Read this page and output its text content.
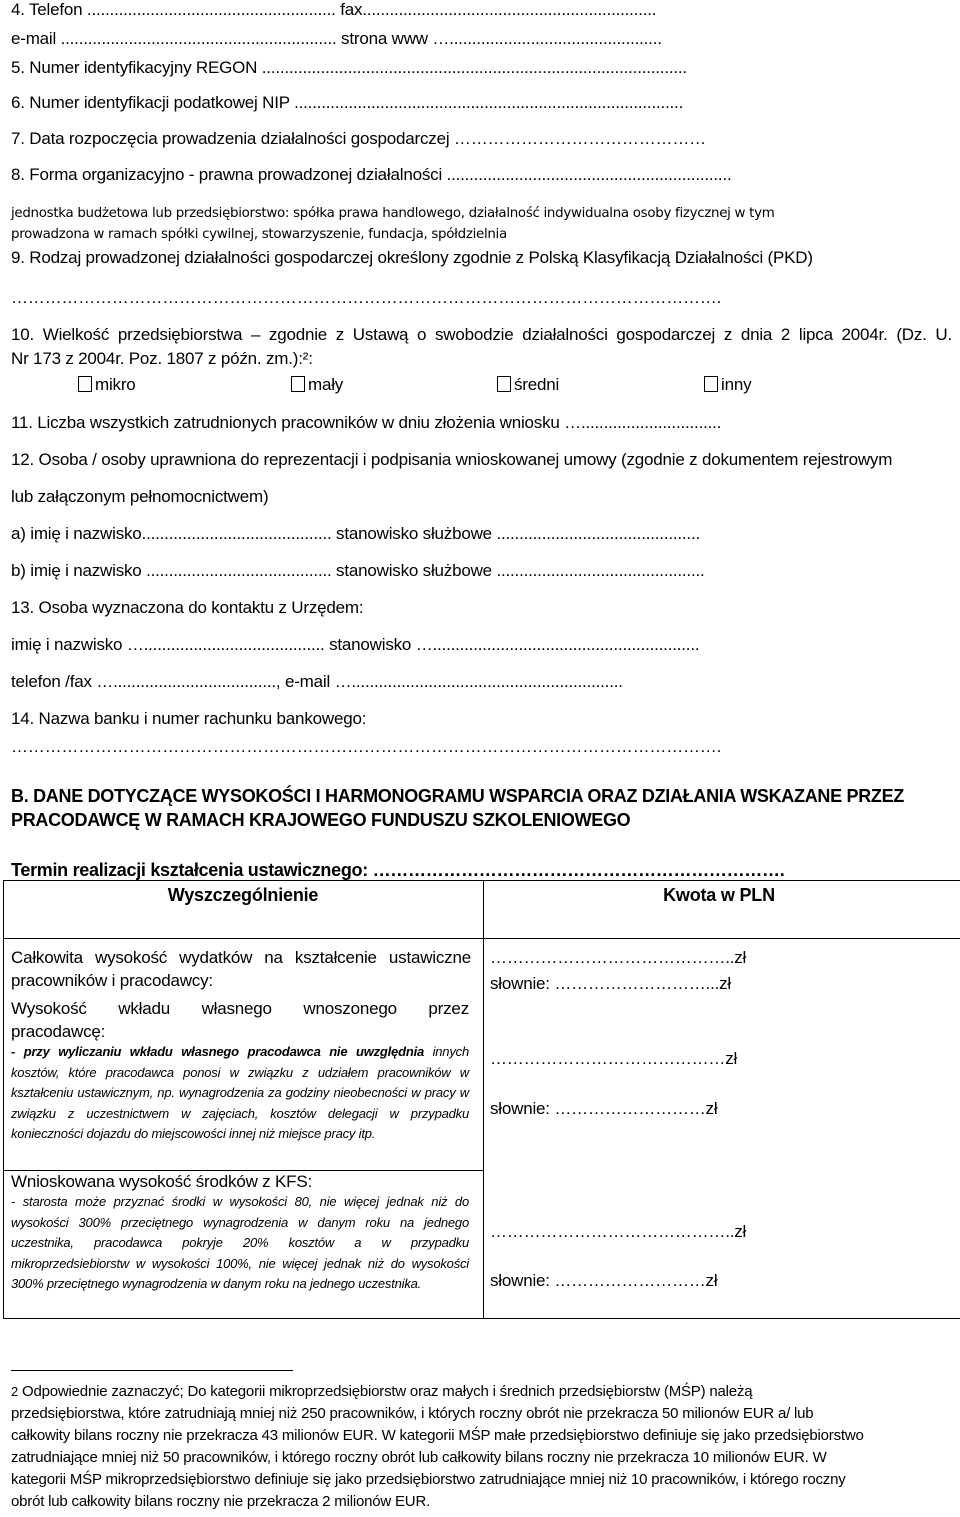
4. Telefon ....................................................... fax.................................................................
e-mail ............................................................. strona www …...............................................
5. Numer identyfikacyjny REGON ..............................................................................................
6. Numer identyfikacji podatkowej NIP ......................................................................................
7. Data rozpoczęcia prowadzenia działalności gospodarczej ………………………………………
8. Forma organizacyjno - prawna prowadzonej działalności ...............................................................
jednostka budżetowa lub przedsiębiorstwo: spółka prawa handlowego, działalność indywidualna osoby fizycznej w tym
prowadzona w ramach spółki cywilnej, stowarzyszenie, fundacja, spółdzielnia
9. Rodzaj prowadzonej działalności gospodarczej określony zgodnie z Polską Klasyfikacją Działalności (PKD)
……………………………………………………………………………………………………………….
10. Wielkość przedsiębiorstwa – zgodnie z Ustawą o swobodzie działalności gospodarczej z dnia 2 lipca 2004r. (Dz. U.
Nr 173 z 2004r. Poz. 1807 z późn. zm.):²:
mikro	mały	średni	inny
11. Liczba wszystkich zatrudnionych pracowników w dniu złożenia wniosku …...............................
12. Osoba / osoby uprawniona do reprezentacji i podpisania wnioskowanej umowy (zgodnie z dokumentem rejestrowym
lub załączonym pełnomocnictwem)
a) imię i nazwisko.......................................... stanowisko służbowe .............................................
b) imię i nazwisko ......................................... stanowisko służbowe ..............................................
13. Osoba wyznaczona do kontaktu z Urzędem:
imię i nazwisko …........................................ stanowisko …...........................................................
telefon /fax …...................................., e-mail …............................................................
14. Nazwa banku i numer rachunku bankowego:
……………………………………………………………………………………………………………….
B. DANE DOTYCZĄCE WYSOKOŚCI I HARMONOGRAMU WSPARCIA ORAZ DZIAŁANIA WSKAZANE PRZEZ
PRACODAWCĘ W RAMACH KRAJOWEGO FUNDUSZU SZKOLENIOWEGO
Termin realizacji kształcenia ustawicznego: …………………………………………………………….
Wyszczególnienie	Kwota w PLN
Całkowita wysokość wydatków na kształcenie ustawiczne
pracowników i pracodawcy:
……………………………………..zł
słownie: ………………………...zł
Wysokość wkładu własnego wnoszonego przez
pracodawcę:
- przy wyliczaniu wkładu własnego pracodawca nie uwzględnia innych kosztów, które pracodawca ponosi w związku z udziałem pracowników w kształceniu ustawicznym, np. wynagrodzenia za godziny nieobecności w pracy w związku z uczestnictwem w zajęciach, kosztów delegacji w przypadku konieczności dojazdu do miejscowości innej niż miejsce pracy itp.
……………………………………zł
słownie: ………………………zł
Wnioskowana wysokość środków z KFS:
- starosta może przyznać środki w wysokości 80, nie więcej jednak niż do wysokości 300% przeciętnego wynagrodzenia w danym roku na jednego uczestnika, pracodawca pokryje 20% kosztów a w przypadku mikroprzedsiebiorstw w wysokości 100%, nie więcej jednak niż do wysokości 300% przeciętnego wynagrodzenia w danym roku na jednego uczestnika.
……………………………………..zł
słownie: ………………………zł
2 Odpowiednie zaznaczyć; Do kategorii mikroprzedsiębiorstw oraz małych i średnich przedsiębiorstw (MŚP) należą
przedsiębiorstwa, które zatrudniają mniej niż 250 pracowników, i których roczny obrót nie przekracza 50 milionów EUR a/ lub
całkowity bilans roczny nie przekracza 43 milionów EUR. W kategorii MŚP małe przedsiębiorstwo definiuje się jako przedsiębiorstwo
zatrudniające mniej niż 50 pracowników, i którego roczny obrót lub całkowity bilans roczny nie przekracza 10 milionów EUR. W
kategorii MŚP mikroprzedsiębiorstwo definiuje się jako przedsiębiorstwo zatrudniające mniej niż 10 pracowników, i którego roczny
obrót lub całkowity bilans roczny nie przekracza 2 milionów EUR.
